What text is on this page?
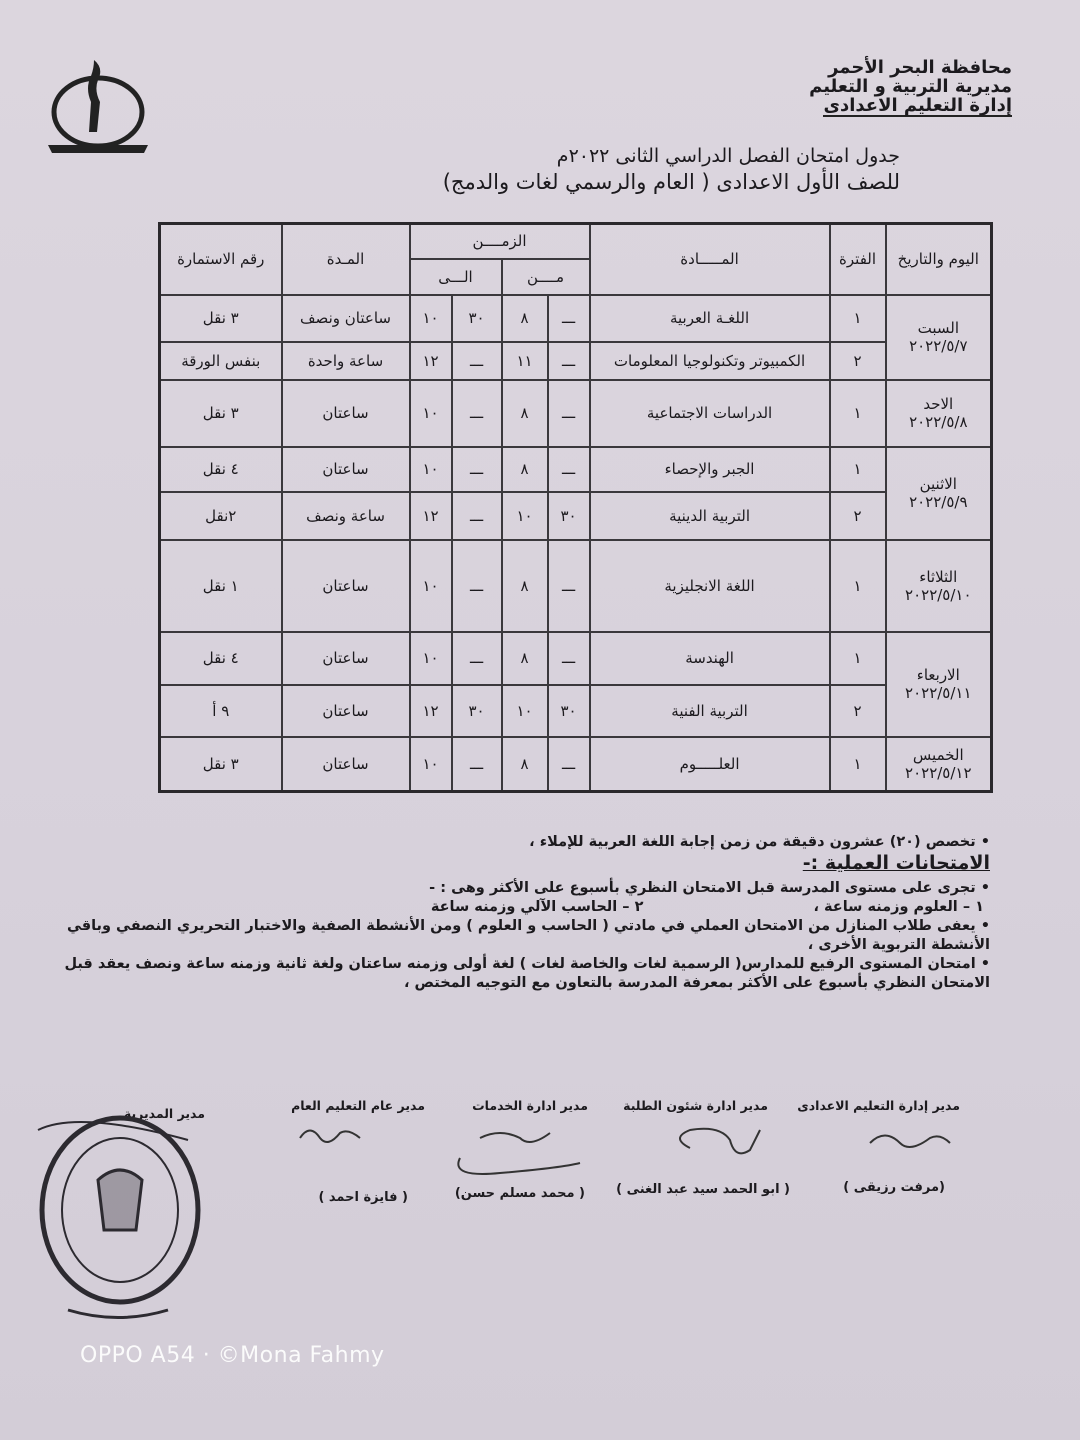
محافظة البحر الأحمر
مديرية التربية و التعليم
إدارة التعليم الاعدادى
جدول امتحان الفصل الدراسي الثانى ٢٠٢٢م
للصف الأول الاعدادى ( العام والرسمي لغات والدمج)
اليوم والتاريخ	الفترة	المـــــادة	الزمــــن				المـدة	رقم الاستمارة
			مــــن		الـــى			

السبت
٢٠٢٢/٥/٧	١	اللغـة العربية	ـــ	٨	٣٠	١٠	ساعتان ونصف	٣ نقل
	٢	الكمبيوتر وتكنولوجيا المعلومات	ـــ	١١	ـــ	١٢	ساعة واحدة	بنفس الورقة

الاحد
٢٠٢٢/٥/٨	١	الدراسات الاجتماعية	ـــ	٨	ـــ	١٠	ساعتان	٣ نقل

الاثنين
٢٠٢٢/٥/٩	١	الجبر والإحصاء	ـــ	٨	ـــ	١٠	ساعتان	٤ نقل
	٢	التربية الدينية	٣٠	١٠	ـــ	١٢	ساعة ونصف	٢نقل

الثلاثاء
٢٠٢٢/٥/١٠	١	اللغة الانجليزية	ـــ	٨	ـــ	١٠	ساعتان	١ نقل

الاربعاء
٢٠٢٢/٥/١١	١	الهندسة	ـــ	٨	ـــ	١٠	ساعتان	٤ نقل
	٢	التربية الفنية	٣٠	١٠	٣٠	١٢	ساعتان	٩ أ

الخميس
٢٠٢٢/٥/١٢	١	العلـــــوم	ـــ	٨	ـــ	١٠	ساعتان	٣ نقل
• تخصص (٢٠) عشرون دقيقة من زمن إجابة اللغة العربية للإملاء ،
الامتحانات العملية :-
• تجرى على مستوى المدرسة قبل الامتحان النظري بأسبوع على الأكثر وهى : -
١ – العلوم وزمنه ساعة ،
٢ – الحاسب الآلي وزمنه ساعة
• يعفى طلاب المنازل من الامتحان العملي في مادتي ( الحاسب و العلوم ) ومن الأنشطة الصفية والاختبار التحريري النصفي وباقي الأنشطة التربوية الأخرى ،
• امتحان المستوى الرفيع للمدارس( الرسمية لغات والخاصة لغات ) لغة أولى وزمنه ساعتان ولغة ثانية وزمنه ساعة ونصف يعقد قبل الامتحان النظري بأسبوع على الأكثر بمعرفة المدرسة بالتعاون مع التوجيه المختص ،
مدير إدارة التعليم الاعدادى
مدير ادارة شئون الطلبة
مدير ادارة الخدمات
مدير عام التعليم العام
مدير المديرية
(مرفت رزيقى )
( ابو الحمد سيد عبد الغنى )
( محمد مسلم حسن)
( فايزة احمد )
OPPO A54 · ©Mona Fahmy
